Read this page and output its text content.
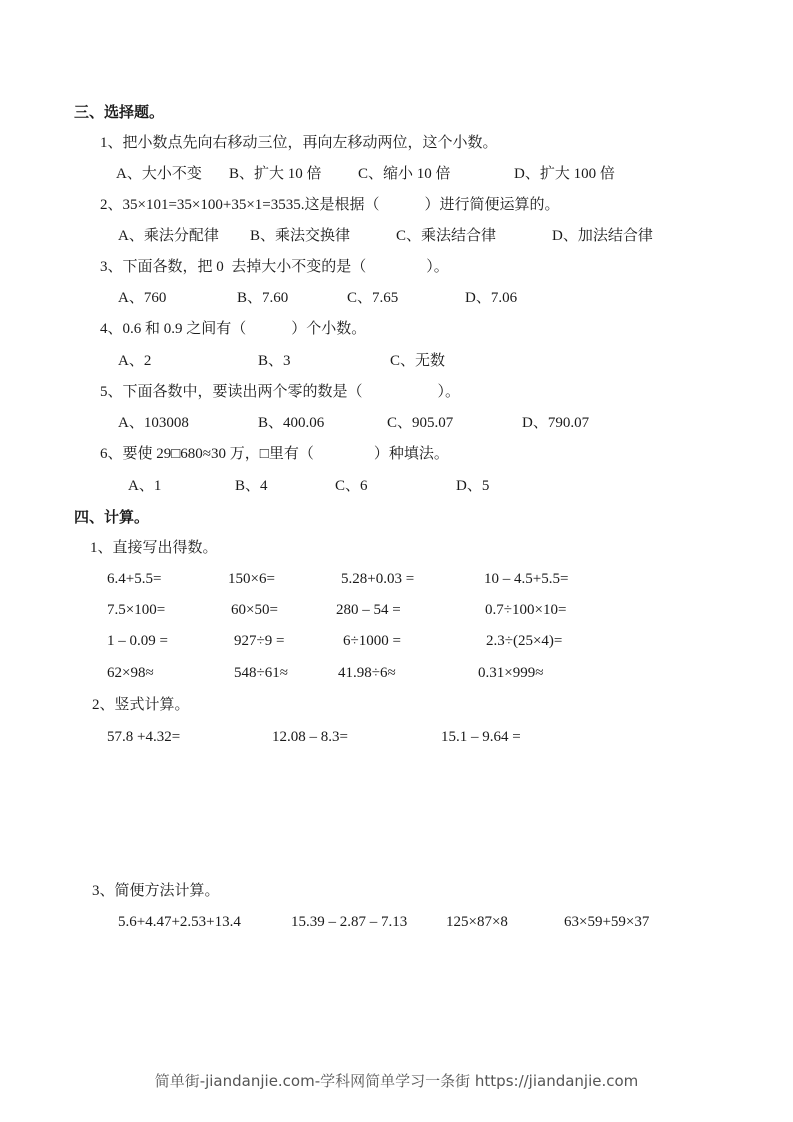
三、选择题。
1、把小数点先向右移动三位，再向左移动两位，这个小数。
A、大小不变 B、扩大 10 倍 C、缩小 10 倍	D、扩大 100 倍
2、35×101=35×100+35×1=3535.这是根据（　　　）进行简便运算的。
A、乘法分配律 B、乘法交换律	C、乘法结合律	D、加法结合律
3、下面各数，把 0  去掉大小不变的是（　　　　）。
A、760	B、7.60	C、7.65	D、7.06
4、0.6 和 0.9 之间有（　　　）个小数。
A、2	B、3	C、无数
5、下面各数中，要读出两个零的数是（　　　　　）。
A、103008	B、400.06	C、905.07	D、790.07
6、要使 29□680≈30 万，□里有（　　　　）种填法。
A、1	B、4	C、6	D、5
四、计算。
1、直接写出得数。
6.4+5.5=	150×6=	5.28+0.03 =	10 – 4.5+5.5=
7.5×100=	60×50=	280 – 54 =	0.7÷100×10=
1 – 0.09 =	927÷9 =	6÷1000 =	2.3÷(25×4)=
62×98≈	548÷61≈	41.98÷6≈	0.31×999≈
2、竖式计算。
57.8 +4.32=	12.08 – 8.3=	15.1 – 9.64 =
3、简便方法计算。
5.6+4.47+2.53+13.4	15.39 – 2.87 – 7.13	125×87×8	63×59+59×37
简单街-jiandanjie.com-学科网简单学习一条街 https://jiandanjie.com
